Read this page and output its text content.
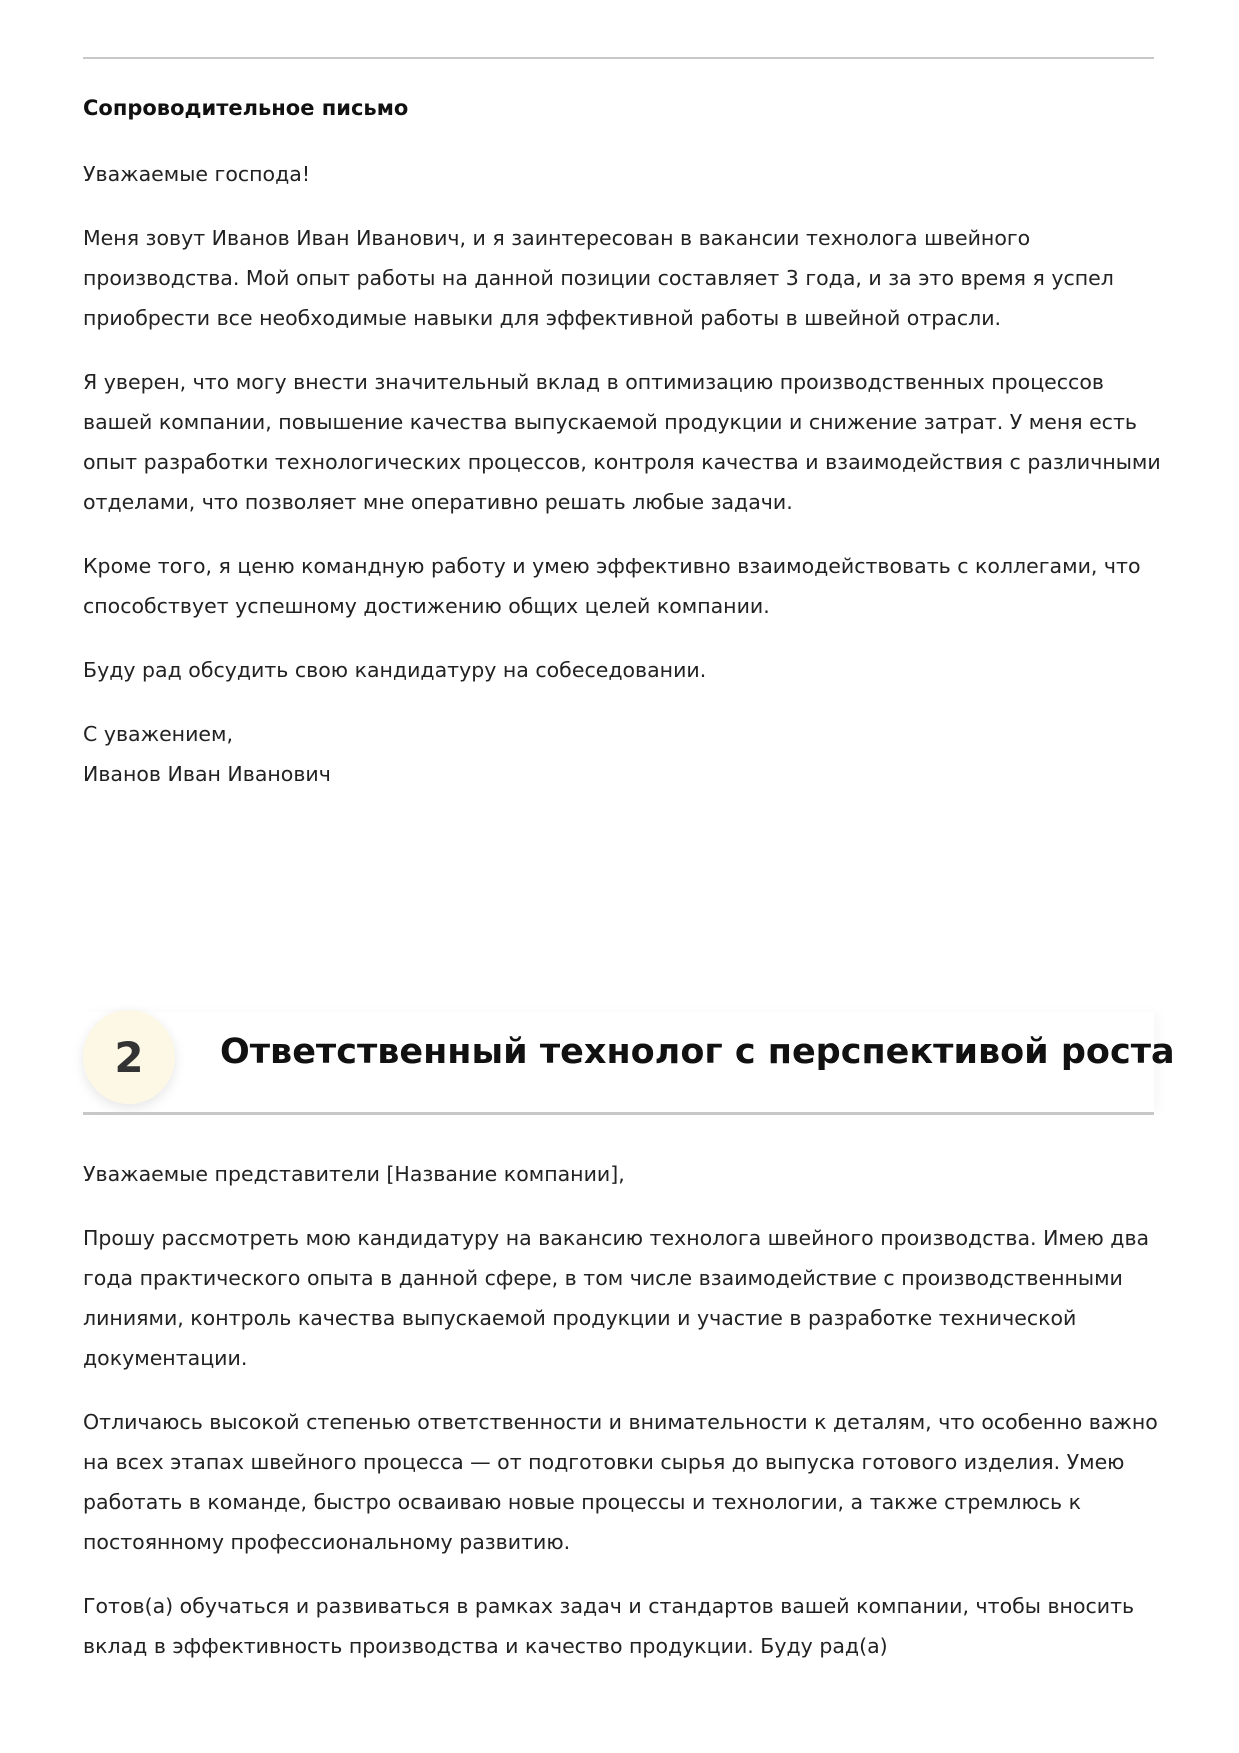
Сопроводительное письмо

Уважаемые господа!

Меня зовут Иванов Иван Иванович, и я заинтересован в вакансии технолога швейного производства. Мой опыт работы на данной позиции составляет 3 года, и за это время я успел приобрести все необходимые навыки для эффективной работы в швейной отрасли.

Я уверен, что могу внести значительный вклад в оптимизацию производственных процессов вашей компании, повышение качества выпускаемой продукции и снижение затрат. У меня есть опыт разработки технологических процессов, контроля качества и взаимодействия с различными отделами, что позволяет мне оперативно решать любые задачи.

Кроме того, я ценю командную работу и умею эффективно взаимодействовать с коллегами, что способствует успешному достижению общих целей компании.

Буду рад обсудить свою кандидатуру на собеседовании.

С уважением,
Иванов Иван Иванович

2	Ответственный технолог с перспективой роста

Уважаемые представители [Название компании],

Прошу рассмотреть мою кандидатуру на вакансию технолога швейного производства. Имею два года практического опыта в данной сфере, в том числе взаимодействие с производственными линиями, контроль качества выпускаемой продукции и участие в разработке технической документации.

Отличаюсь высокой степенью ответственности и внимательности к деталям, что особенно важно на всех этапах швейного процесса — от подготовки сырья до выпуска готового изделия. Умею работать в команде, быстро осваиваю новые процессы и технологии, а также стремлюсь к постоянному профессиональному развитию.

Готов(а) обучаться и развиваться в рамках задач и стандартов вашей компании, чтобы вносить вклад в эффективность производства и качество продукции. Буду рад(а)
